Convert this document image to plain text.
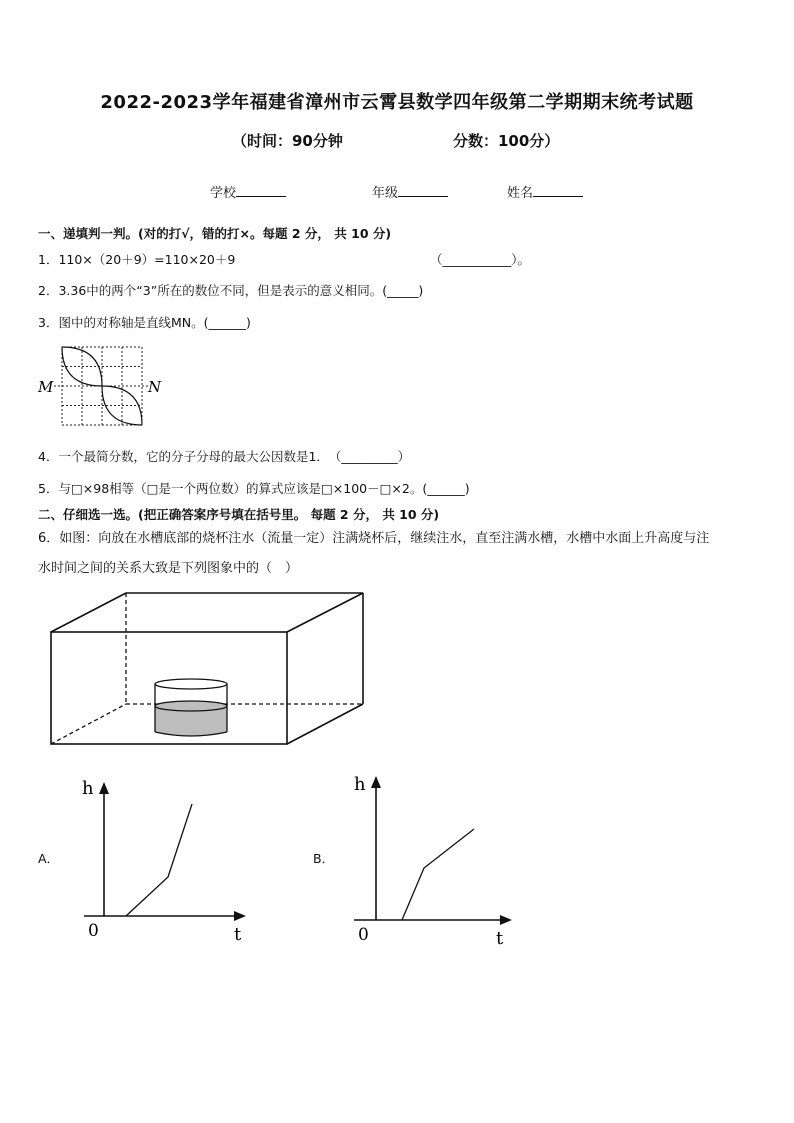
2022-2023学年福建省漳州市云霄县数学四年级第二学期期末统考试题
（时间：90分钟	分数：100分）
学校	年级	姓名
一、递填判一判。(对的打√，错的打×。每题 2 分， 共 10 分)
1．110×（20＋9）=110×20＋9	（___________）。
2．3.36中的两个“3”所在的数位不同，但是表示的意义相同。(_____)
3．图中的对称轴是直线MN。(______)
M	N
4．一个最简分数，它的分子分母的最大公因数是1．　（_________）
5．与□×98相等（□是一个两位数）的算式应该是□×100－□×2。(______)
二、仔细选一选。(把正确答案序号填在括号里。 每题 2 分， 共 10 分)
6．如图：向放在水槽底部的烧杯注水（流量一定）注满烧杯后，继续注水，直至注满水槽，水槽中水面上升高度与注
水时间之间的关系大致是下列图象中的（　）
A．
h
t
0
B．
h
t
0
